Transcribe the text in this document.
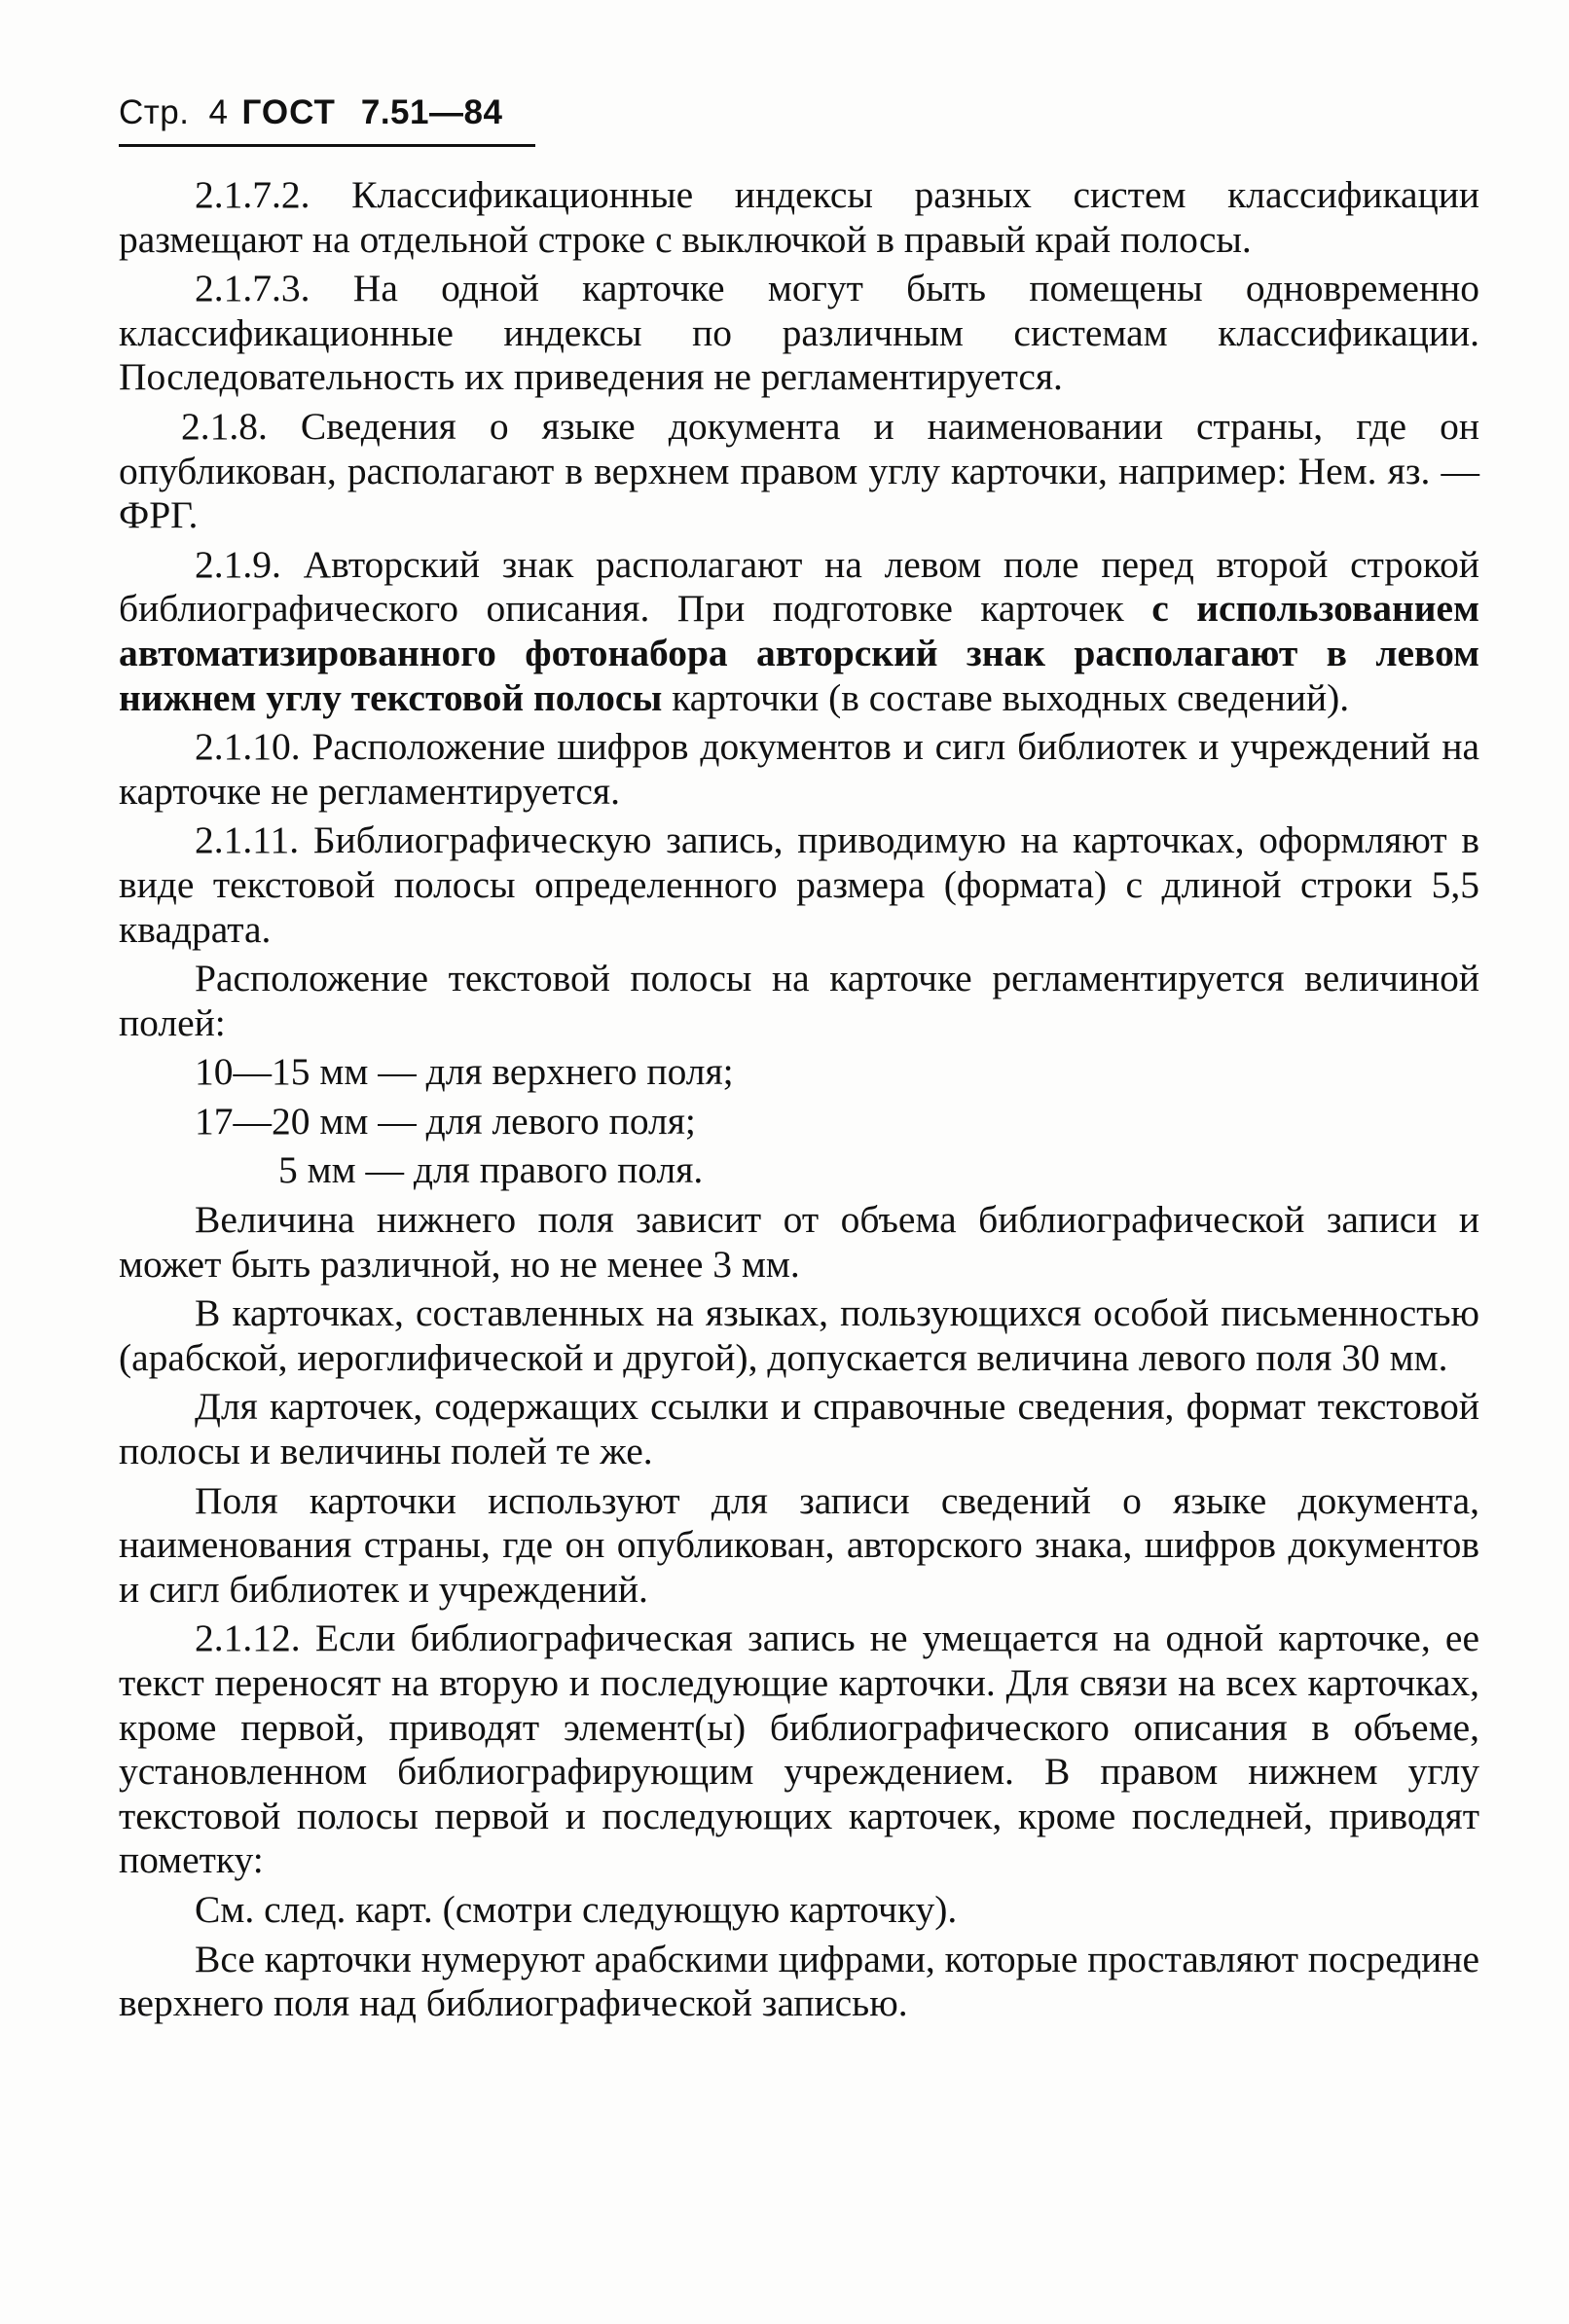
Стр. 4 ГОСТ 7.51—84

2.1.7.2. Классификационные индексы разных систем классификации размещают на отдельной строке с выключкой в правый край полосы.

2.1.7.3. На одной карточке могут быть помещены одновременно классификационные индексы по различным системам классификации. Последовательность их приведения не регламентируется.

2.1.8. Сведения о языке документа и наименовании страны, где он опубликован, располагают в верхнем правом углу карточки, например: Нем. яз. — ФРГ.

2.1.9. Авторский знак располагают на левом поле перед второй строкой библиографического описания. При подготовке карточек с использованием автоматизированного фотонабора авторский знак располагают в левом нижнем углу текстовой полосы карточки (в составе выходных сведений).

2.1.10. Расположение шифров документов и сигл библиотек и учреждений на карточке не регламентируется.

2.1.11. Библиографическую запись, приводимую на карточках, оформляют в виде текстовой полосы определенного размера (формата) с длиной строки 5,5 квадрата.

Расположение текстовой полосы на карточке регламентируется величиной полей:

10—15 мм — для верхнего поля;

17—20 мм — для левого поля;

5 мм — для правого поля.

Величина нижнего поля зависит от объема библиографической записи и может быть различной, но не менее 3 мм.

В карточках, составленных на языках, пользующихся особой письменностью (арабской, иероглифической и другой), допускается величина левого поля 30 мм.

Для карточек, содержащих ссылки и справочные сведения, формат текстовой полосы и величины полей те же.

Поля карточки используют для записи сведений о языке документа, наименования страны, где он опубликован, авторского знака, шифров документов и сигл библиотек и учреждений.

2.1.12. Если библиографическая запись не умещается на одной карточке, ее текст переносят на вторую и последующие карточки. Для связи на всех карточках, кроме первой, приводят элемент(ы) библиографического описания в объеме, установленном библиографирующим учреждением. В правом нижнем углу текстовой полосы первой и последующих карточек, кроме последней, приводят пометку:

См. след. карт. (смотри следующую карточку).

Все карточки нумеруют арабскими цифрами, которые проставляют посредине верхнего поля над библиографической записью.
